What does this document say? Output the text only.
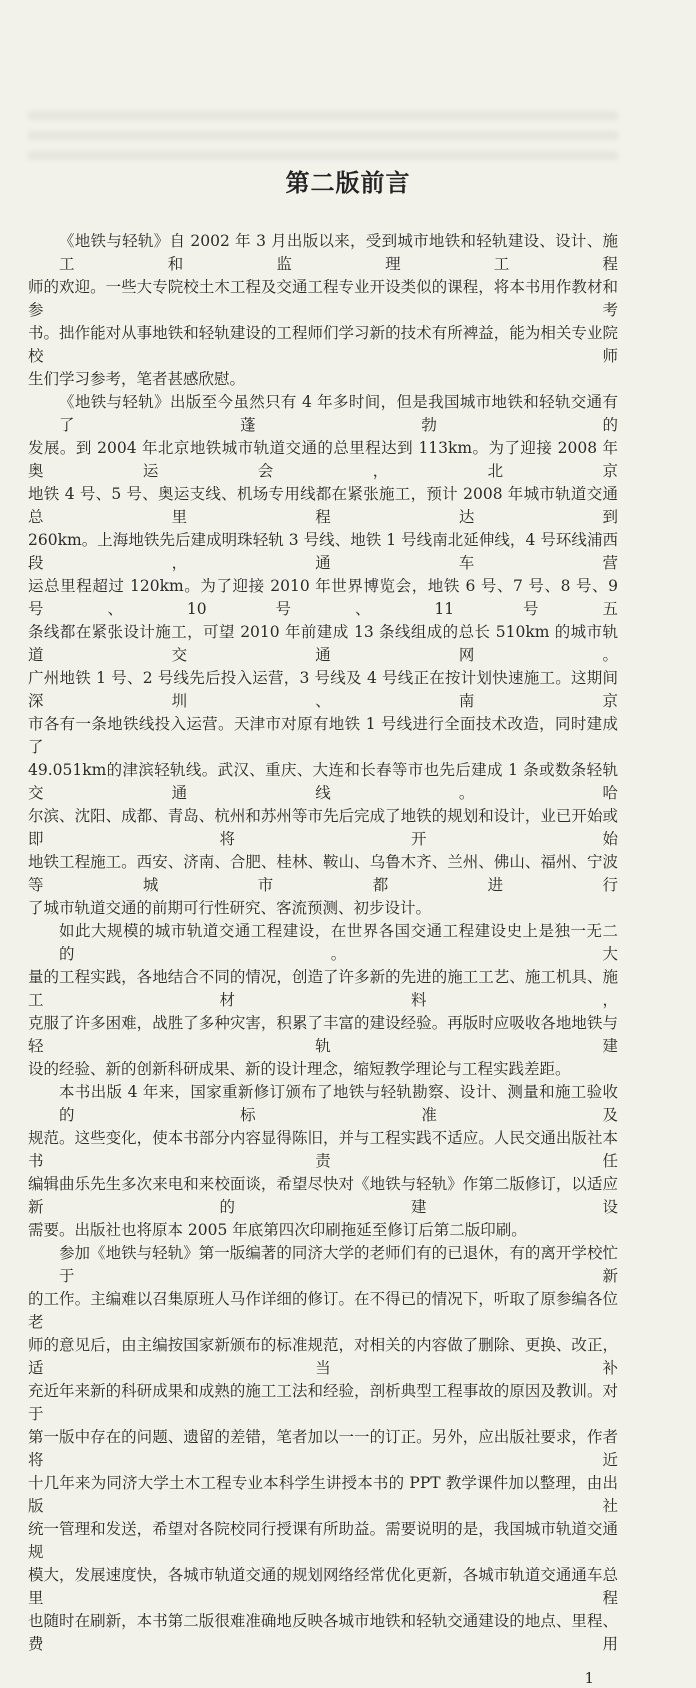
第二版前言
《地铁与轻轨》自 2002 年 3 月出版以来，受到城市地铁和轻轨建设、设计、施工和监理工程
师的欢迎。一些大专院校土木工程及交通工程专业开设类似的课程，将本书用作教材和参考
书。拙作能对从事地铁和轻轨建设的工程师们学习新的技术有所裨益，能为相关专业院校师
生们学习参考，笔者甚感欣慰。
《地铁与轻轨》出版至今虽然只有 4 年多时间，但是我国城市地铁和轻轨交通有了蓬勃的
发展。到 2004 年北京地铁城市轨道交通的总里程达到 113km。为了迎接 2008 年奥运会，北京
地铁 4 号、5 号、奥运支线、机场专用线都在紧张施工，预计 2008 年城市轨道交通总里程达到
260km。上海地铁先后建成明珠轻轨 3 号线、地铁 1 号线南北延伸线，4 号环线浦西段，通车营
运总里程超过 120km。为了迎接 2010 年世界博览会，地铁 6 号、7 号、8 号、9 号、10 号、11 号五
条线都在紧张设计施工，可望 2010 年前建成 13 条线组成的总长 510km 的城市轨道交通网。
广州地铁 1 号、2 号线先后投入运营，3 号线及 4 号线正在按计划快速施工。这期间深圳、南京
市各有一条地铁线投入运营。天津市对原有地铁 1 号线进行全面技术改造，同时建成了
49.051km的津滨轻轨线。武汉、重庆、大连和长春等市也先后建成 1 条或数条轻轨交通线。哈
尔滨、沈阳、成都、青岛、杭州和苏州等市先后完成了地铁的规划和设计，业已开始或即将开始
地铁工程施工。西安、济南、合肥、桂林、鞍山、乌鲁木齐、兰州、佛山、福州、宁波等城市都进行
了城市轨道交通的前期可行性研究、客流预测、初步设计。
如此大规模的城市轨道交通工程建设，在世界各国交通工程建设史上是独一无二的。大
量的工程实践，各地结合不同的情况，创造了许多新的先进的施工工艺、施工机具、施工材料，
克服了许多困难，战胜了多种灾害，积累了丰富的建设经验。再版时应吸收各地地铁与轻轨建
设的经验、新的创新科研成果、新的设计理念，缩短教学理论与工程实践差距。
本书出版 4 年来，国家重新修订颁布了地铁与轻轨勘察、设计、测量和施工验收的标准及
规范。这些变化，使本书部分内容显得陈旧，并与工程实践不适应。人民交通出版社本书责任
编辑曲乐先生多次来电和来校面谈，希望尽快对《地铁与轻轨》作第二版修订，以适应新的建设
需要。出版社也将原本 2005 年底第四次印刷拖延至修订后第二版印刷。
参加《地铁与轻轨》第一版编著的同济大学的老师们有的已退休，有的离开学校忙于新
的工作。主编难以召集原班人马作详细的修订。在不得已的情况下，听取了原参编各位老
师的意见后，由主编按国家新颁布的标准规范，对相关的内容做了删除、更换、改正，适当补
充近年来新的科研成果和成熟的施工工法和经验，剖析典型工程事故的原因及教训。对于
第一版中存在的问题、遗留的差错，笔者加以一一的订正。另外，应出版社要求，作者将近
十几年来为同济大学土木工程专业本科学生讲授本书的 PPT 教学课件加以整理，由出版社
统一管理和发送，希望对各院校同行授课有所助益。需要说明的是，我国城市轨道交通规
模大，发展速度快，各城市轨道交通的规划网络经常优化更新，各城市轨道交通通车总里程
也随时在刷新，本书第二版很难准确地反映各城市地铁和轻轨交通建设的地点、里程、费用
1
